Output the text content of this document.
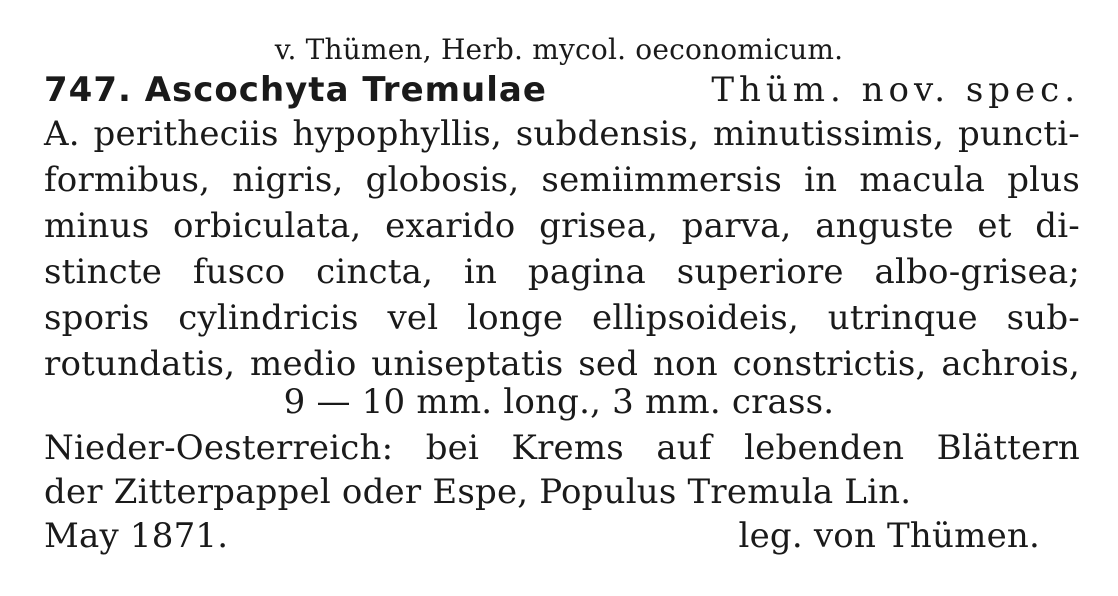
v. Thümen, Herb. mycol. oeconomicum.
747. Ascochyta Tremulae	Thüm. nov. spec.
A. peritheciis hypophyllis, subdensis, minutissimis, puncti-
formibus, nigris, globosis, semiimmersis in macula plus
minus orbiculata, exarido grisea, parva, anguste et di-
stincte fusco cincta, in pagina superiore albo-grisea;
sporis cylindricis vel longe ellipsoideis, utrinque sub-
rotundatis, medio uniseptatis sed non constrictis, achrois,
9 — 10 mm. long., 3 mm. crass.
Nieder-Oesterreich: bei Krems auf lebenden Blättern
der Zitterpappel oder Espe, Populus Tremula Lin.
May 1871.	leg. von Thümen.
